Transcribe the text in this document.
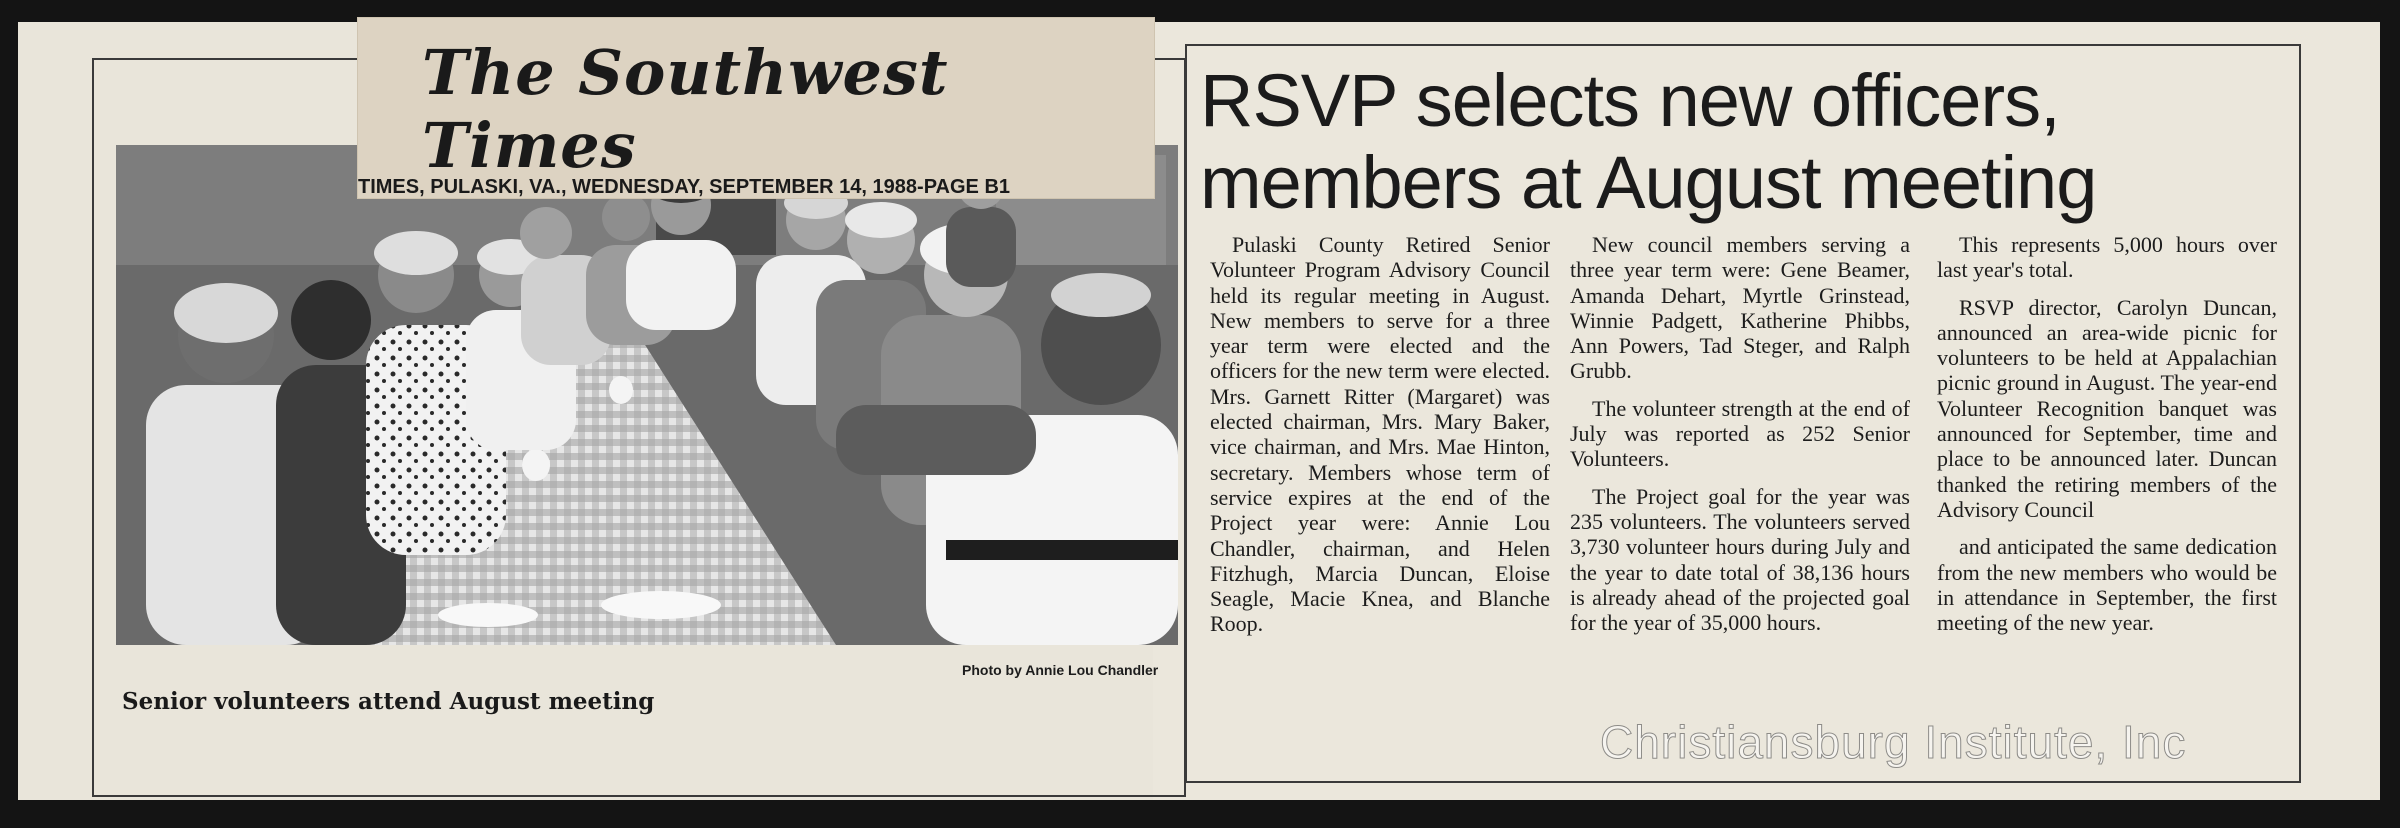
The Southwest Times
TIMES, PULASKI, VA., WEDNESDAY, SEPTEMBER 14, 1988-PAGE B1
Photo by Annie Lou Chandler
Senior volunteers attend August meeting
RSVP selects new officers, members at August meeting

Pulaski County Retired Senior Volunteer Program Advisory Council held its regular meeting in August. New members to serve for a three year term were elected and the officers for the new term were elected. Mrs. Garnett Ritter (Margaret) was elected chairman, Mrs. Mary Baker, vice chairman, and Mrs. Mae Hinton, secretary. Members whose term of service expires at the end of the Project year were: Annie Lou Chandler, chairman, and Helen Fitzhugh, Marcia Duncan, Eloise Seagle, Macie Knea, and Blanche Roop.

New council members serving a three year term were: Gene Beamer, Amanda Dehart, Myrtle Grinstead, Winnie Padgett, Katherine Phibbs, Ann Powers, Tad Steger, and Ralph Grubb.

The volunteer strength at the end of July was reported as 252 Senior Volunteers.

The Project goal for the year was 235 volunteers. The volunteers served 3,730 volunteer hours during July and the year to date total of 38,136 hours is already ahead of the projected goal for the year of 35,000 hours.

This represents 5,000 hours over last year's total.

RSVP director, Carolyn Duncan, announced an area-wide picnic for volunteers to be held at Appalachian picnic ground in August. The year-end Volunteer Recognition banquet was announced for September, time and place to be announced later. Duncan thanked the retiring members of the Advisory Council

and anticipated the same dedication from the new members who would be in attendance in September, the first meeting of the new year.

Christiansburg Institute, Inc
